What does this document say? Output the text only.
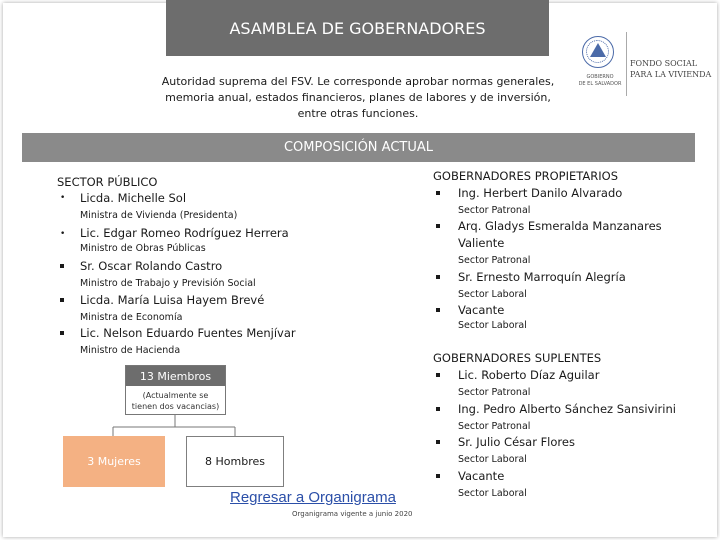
ASAMBLEA DE GOBERNADORES
Autoridad suprema del FSV. Le corresponde aprobar normas generales,
memoria anual, estados financieros, planes de labores y de inversión,
entre otras funciones.
GOBIERNO
DE EL SALVADOR
FONDO SOCIAL
PARA LA VIVIENDA
COMPOSICIÓN ACTUAL
SECTOR PÚBLICO
• Licda. Michelle Sol
Ministra de Vivienda (Presidenta)
• Lic. Edgar Romeo Rodríguez Herrera
Ministro de Obras Públicas
Sr. Oscar Rolando Castro
Ministro de Trabajo y Previsión Social
Licda. María Luisa Hayem Brevé
Ministra de Economía
Lic. Nelson Eduardo Fuentes Menjívar
Ministro de Hacienda
13 Miembros
(Actualmente se
tienen dos vacancias)
3 Mujeres	8 Hombres
GOBERNADORES PROPIETARIOS
Ing. Herbert Danilo Alvarado
Sector Patronal
Arq. Gladys Esmeralda Manzanares
Valiente
Sector Patronal
Sr. Ernesto Marroquín Alegría
Sector Laboral
Vacante
Sector Laboral
GOBERNADORES SUPLENTES
Lic. Roberto Díaz Aguilar
Sector Patronal
Ing. Pedro Alberto Sánchez Sansivirini
Sector Patronal
Sr. Julio César Flores
Sector Laboral
Vacante
Sector Laboral
Regresar a Organigrama
Organigrama vigente a junio 2020
